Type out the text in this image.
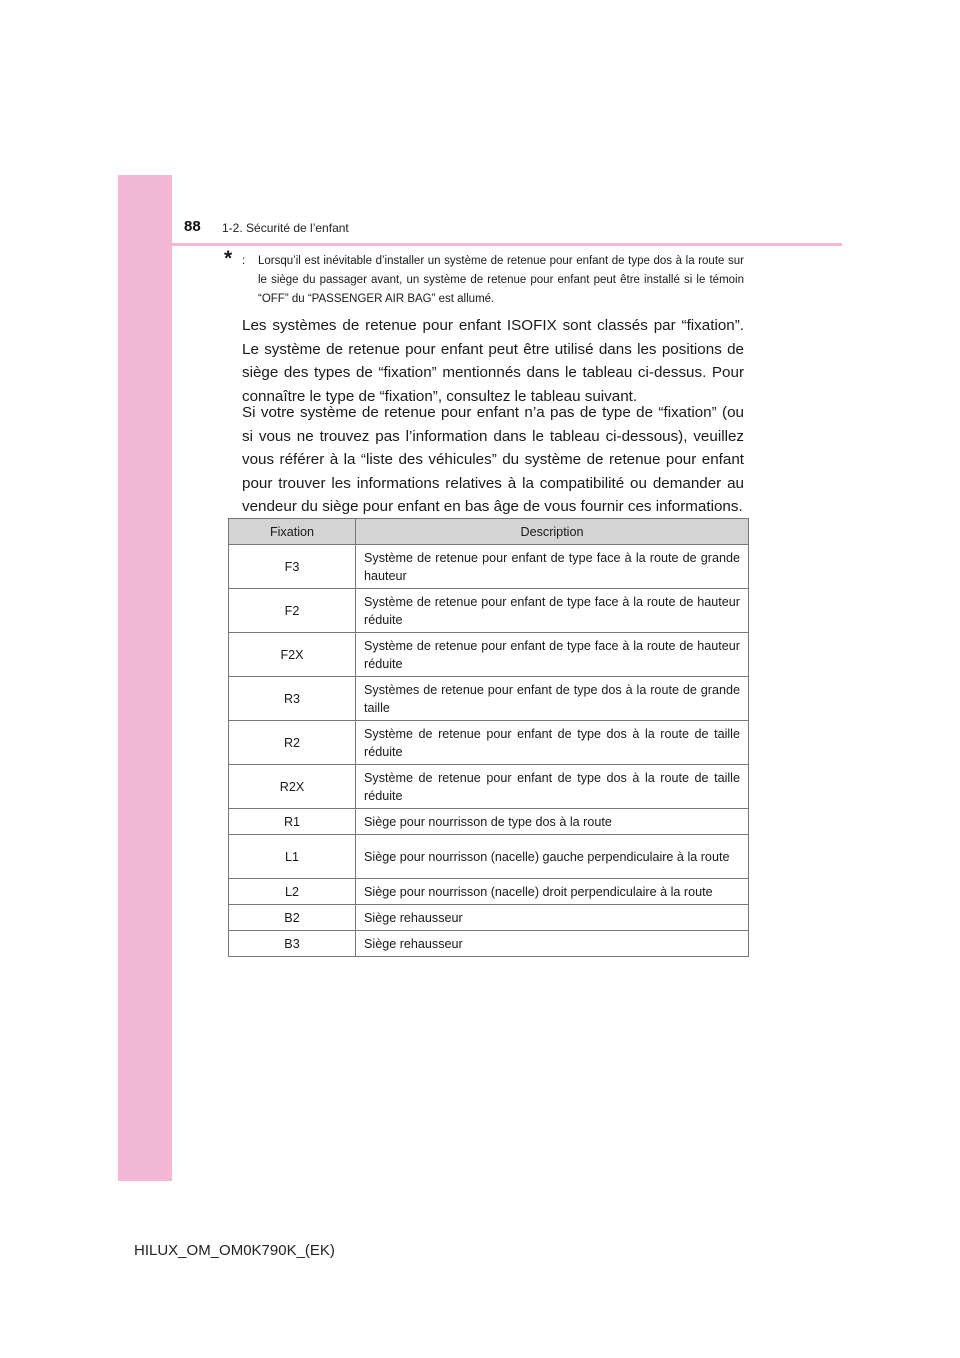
88 1-2. Sécurité de l’enfant
* : Lorsqu’il est inévitable d’installer un système de retenue pour enfant de type dos à la route sur le siège du passager avant, un système de retenue pour enfant peut être installé si le témoin “OFF” du “PASSENGER AIR BAG” est allumé.
Les systèmes de retenue pour enfant ISOFIX sont classés par “fixation”. Le système de retenue pour enfant peut être utilisé dans les positions de siège des types de “fixation” mentionnés dans le tableau ci-dessus. Pour connaître le type de “fixation”, consultez le tableau suivant.
Si votre système de retenue pour enfant n’a pas de type de “fixation” (ou si vous ne trouvez pas l’information dans le tableau ci-dessous), veuillez vous référer à la “liste des véhicules” du système de retenue pour enfant pour trouver les informations relatives à la compatibilité ou demander au vendeur du siège pour enfant en bas âge de vous fournir ces informations.
Fixation	Description
F3	Système de retenue pour enfant de type face à la route de grande hauteur
F2	Système de retenue pour enfant de type face à la route de hauteur réduite
F2X	Système de retenue pour enfant de type face à la route de hauteur réduite
R3	Systèmes de retenue pour enfant de type dos à la route de grande taille
R2	Système de retenue pour enfant de type dos à la route de taille réduite
R2X	Système de retenue pour enfant de type dos à la route de taille réduite
R1	Siège pour nourrisson de type dos à la route
L1	Siège pour nourrisson (nacelle) gauche perpendiculaire à la route
L2	Siège pour nourrisson (nacelle) droit perpendiculaire à la route
B2	Siège rehausseur
B3	Siège rehausseur
HILUX_OM_OM0K790K_(EK)
